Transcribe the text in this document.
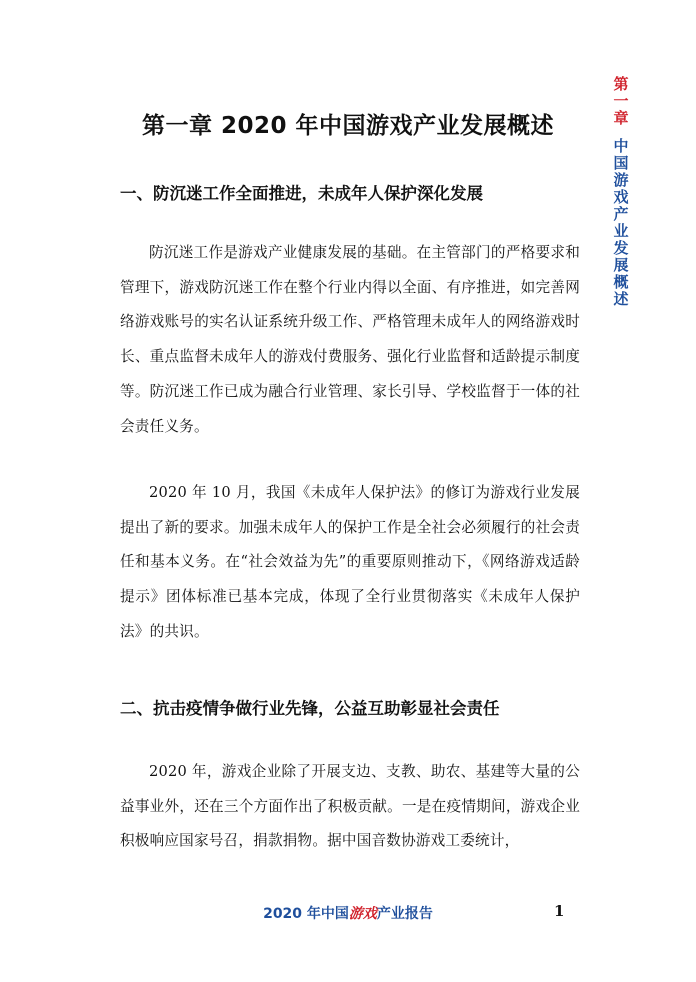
第
一
章
中
国
游
戏
产
业
发
展
概
述
第一章 2020 年中国游戏产业发展概述
一、防沉迷工作全面推进，未成年人保护深化发展

防沉迷工作是游戏产业健康发展的基础。在主管部门的严格要求和管理下，游戏防沉迷工作在整个行业内得以全面、有序推进，如完善网络游戏账号的实名认证系统升级工作、严格管理未成年人的网络游戏时长、重点监督未成年人的游戏付费服务、强化行业监督和适龄提示制度等。防沉迷工作已成为融合行业管理、家长引导、学校监督于一体的社会责任义务。

2020 年 10 月，我国《未成年人保护法》的修订为游戏行业发展提出了新的要求。加强未成年人的保护工作是全社会必须履行的社会责任和基本义务。在“社会效益为先”的重要原则推动下，《网络游戏适龄提示》团体标准已基本完成，体现了全行业贯彻落实《未成年人保护法》的共识。

二、抗击疫情争做行业先锋，公益互助彰显社会责任

2020 年，游戏企业除了开展支边、支教、助农、基建等大量的公益事业外，还在三个方面作出了积极贡献。一是在疫情期间，游戏企业积极响应国家号召，捐款捐物。据中国音数协游戏工委统计，

2020 年中国游戏产业报告	1
